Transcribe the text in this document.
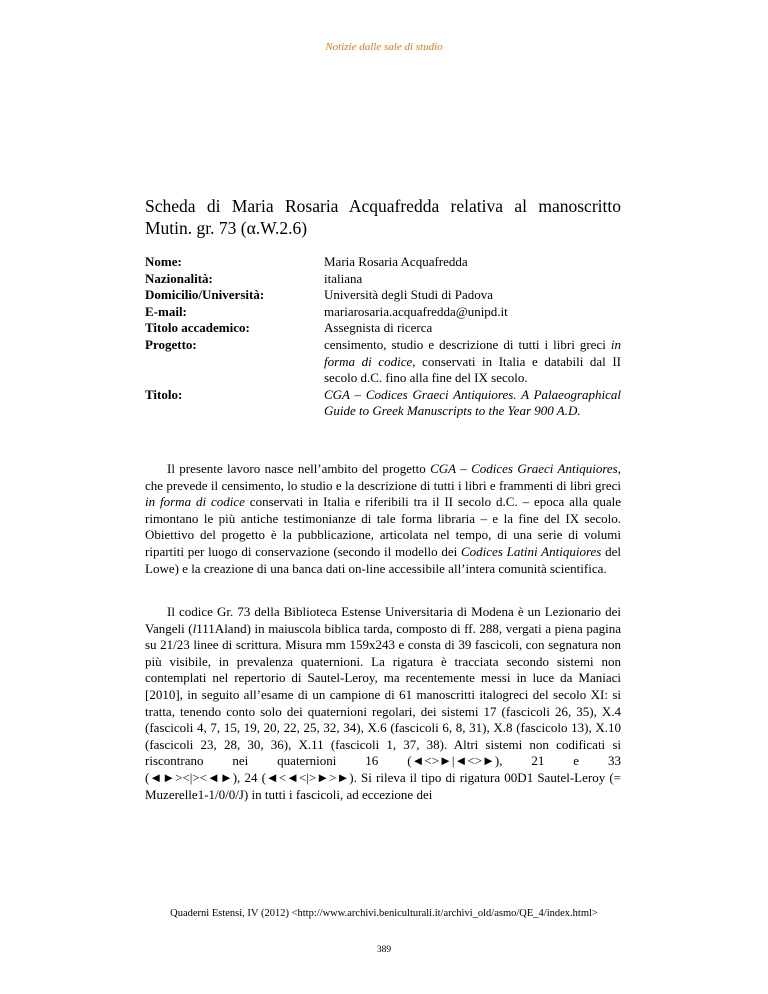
Notizie dalle sale di studio
Scheda di Maria Rosaria Acquafredda relativa al manoscritto Mutin. gr. 73 (α.W.2.6)
Nome:	Maria Rosaria Acquafredda
Nazionalità:	italiana
Domicilio/Università:	Università degli Studi di Padova
E-mail:	mariarosaria.acquafredda@unipd.it
Titolo accademico:	Assegnista di ricerca
Progetto:	censimento, studio e descrizione di tutti i libri greci in forma di codice, conservati in Italia e databili dal II secolo d.C. fino alla fine del IX secolo.
Titolo:	CGA – Codices Graeci Antiquiores. A Palaeographical Guide to Greek Manuscripts to the Year 900 A.D.

Il presente lavoro nasce nell’ambito del progetto CGA – Codices Graeci Antiquiores, che prevede il censimento, lo studio e la descrizione di tutti i libri e frammenti di libri greci in forma di codice conservati in Italia e riferibili tra il II secolo d.C. – epoca alla quale rimontano le più antiche testimonianze di tale forma libraria – e la fine del IX secolo. Obiettivo del progetto è la pubblicazione, articolata nel tempo, di una serie di volumi ripartiti per luogo di conservazione (secondo il modello dei Codices Latini Antiquiores del Lowe) e la creazione di una banca dati on-line accessibile all’intera comunità scientifica.

Il codice Gr. 73 della Biblioteca Estense Universitaria di Modena è un Lezionario dei Vangeli (l111Aland) in maiuscola biblica tarda, composto di ff. 288, vergati a piena pagina su 21/23 linee di scrittura. Misura mm 159x243 e consta di 39 fascicoli, con segnatura non più visibile, in prevalenza quaternioni. La rigatura è tracciata secondo sistemi non contemplati nel repertorio di Sautel-Leroy, ma recentemente messi in luce da Maniaci [2010], in seguito all’esame di un campione di 61 manoscritti italogreci del secolo XI: si tratta, tenendo conto solo dei quaternioni regolari, dei sistemi 17 (fascicoli 26, 35), X.4 (fascicoli 4, 7, 15, 19, 20, 22, 25, 32, 34), X.6 (fascicoli 6, 8, 31), X.8 (fascicolo 13), X.10 (fascicoli 23, 28, 30, 36), X.11 (fascicoli 1, 37, 38). Altri sistemi non codificati si riscontrano nei quaternioni 16 (◄<>►|◄<>►), 21 e 33 (◄►><|><◄►), 24 (◄<◄<|>►>►). Si rileva il tipo di rigatura 00D1 Sautel-Leroy (= Muzerelle1-1/0/0/J) in tutti i fascicoli, ad eccezione dei

Quaderni Estensi, IV (2012) <http://www.archivi.beniculturali.it/archivi_old/asmo/QE_4/index.html>
389
